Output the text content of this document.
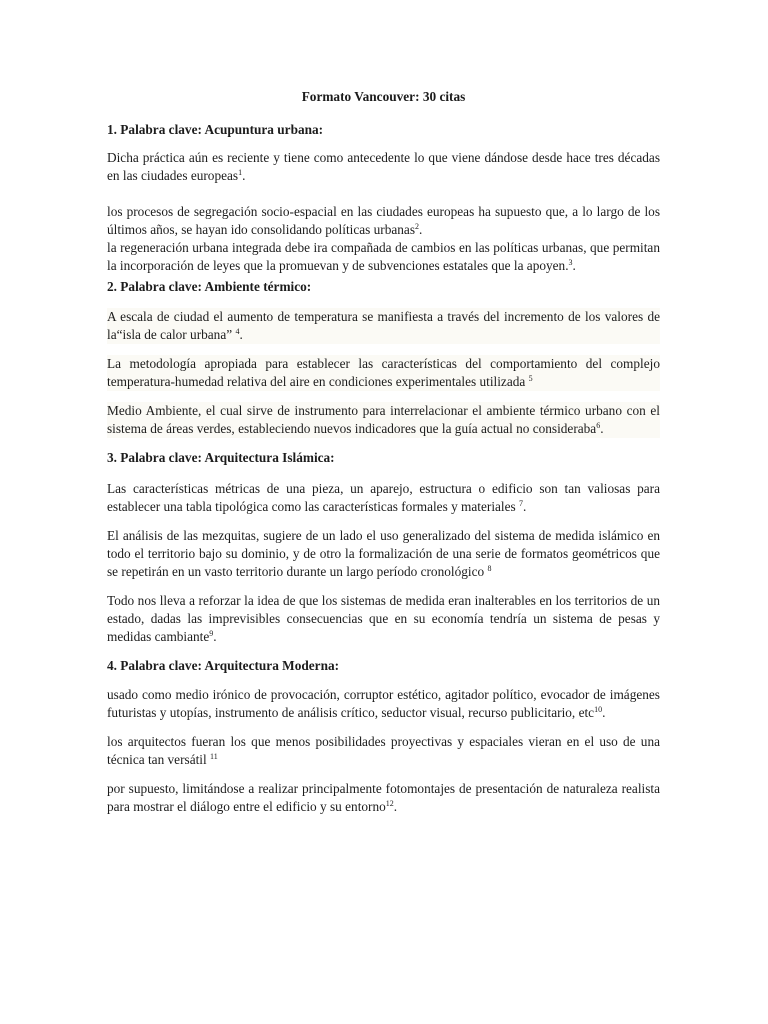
Formato Vancouver: 30 citas
1. Palabra clave: Acupuntura urbana:

Dicha práctica aún es reciente y tiene como antecedente lo que viene dándose desde hace tres décadas en las ciudades europeas$^1$.

los procesos de segregación socio-espacial en las ciudades europeas ha supuesto que, a lo largo de los últimos años, se hayan ido consolidando políticas urbanas$^2$.

la regeneración urbana integrada debe ira compañada de cambios en las políticas urbanas, que permitan la incorporación de leyes que la promuevan y de subvenciones estatales que la apoyen.$^3$.

2. Palabra clave: Ambiente térmico:

A escala de ciudad el aumento de temperatura se manifiesta a través del incremento de los valores de la“isla de calor urbana” $^4$.

La metodología apropiada para establecer las características del comportamiento del complejo temperatura-humedad relativa del aire en condiciones experimentales utilizada $^5$

Medio Ambiente, el cual sirve de instrumento para interrelacionar el ambiente térmico urbano con el sistema de áreas verdes, estableciendo nuevos indicadores que la guía actual no consideraba$^6$.

3. Palabra clave: Arquitectura Islámica:

Las características métricas de una pieza, un aparejo, estructura o edificio son tan valiosas para establecer una tabla tipológica como las características formales y materiales $^7$.

El análisis de las mezquitas, sugiere de un lado el uso generalizado del sistema de medida islámico en todo el territorio bajo su dominio, y de otro la formalización de una serie de formatos geométricos que se repetirán en un vasto territorio durante un largo período cronológico $^8$

Todo nos lleva a reforzar la idea de que los sistemas de medida eran inalterables en los territorios de un estado, dadas las imprevisibles consecuencias que en su economía tendría un sistema de pesas y medidas cambiante$^9$.

4. Palabra clave: Arquitectura Moderna:

usado como medio irónico de provocación, corruptor estético, agitador político, evocador de imágenes futuristas y utopías, instrumento de análisis crítico, seductor visual, recurso publicitario, etc$^{10}$.

los arquitectos fueran los que menos posibilidades proyectivas y espaciales vieran en el uso de una técnica tan versátil $^{11}$

por supuesto, limitándose a realizar principalmente fotomontajes de presentación de naturaleza realista para mostrar el diálogo entre el edificio y su entorno$^{12}$.
